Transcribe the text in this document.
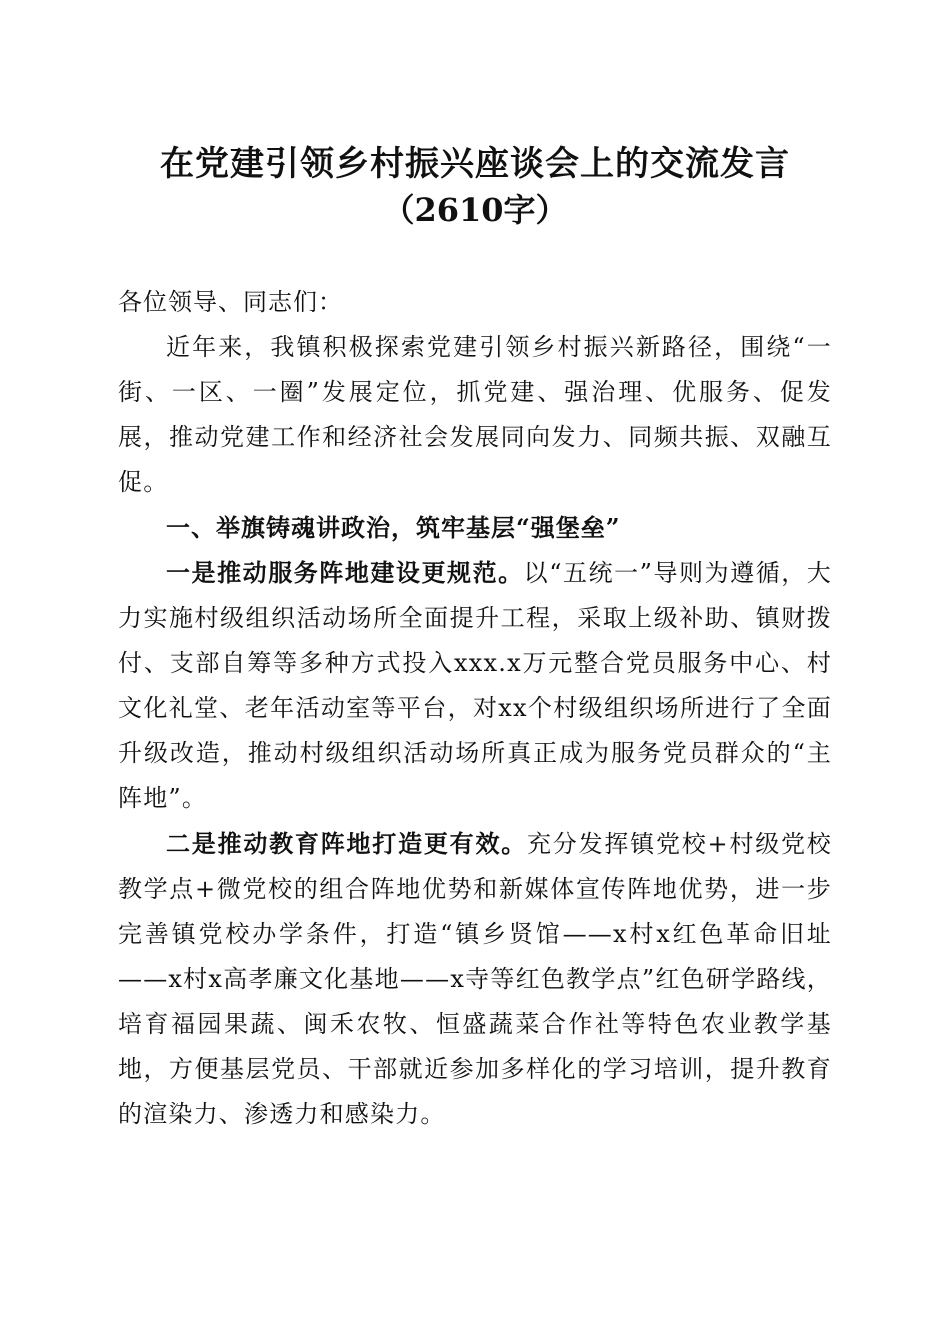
在党建引领乡村振兴座谈会上的交流发言
（2610字）

各位领导、同志们：

近年来，我镇积极探索党建引领乡村振兴新路径，围绕“一街、一区、一圈”发展定位，抓党建、强治理、优服务、促发展，推动党建工作和经济社会发展同向发力、同频共振、双融互促。

一、举旗铸魂讲政治，筑牢基层“强堡垒”

一是推动服务阵地建设更规范。以“五统一”导则为遵循，大力实施村级组织活动场所全面提升工程，采取上级补助、镇财拨付、支部自筹等多种方式投入xxx.x万元整合党员服务中心、村文化礼堂、老年活动室等平台，对xx个村级组织场所进行了全面升级改造，推动村级组织活动场所真正成为服务党员群众的“主阵地”。

二是推动教育阵地打造更有效。充分发挥镇党校+村级党校教学点+微党校的组合阵地优势和新媒体宣传阵地优势，进一步完善镇党校办学条件，打造“镇乡贤馆——x村x红色革命旧址——x村x高孝廉文化基地——x寺等红色教学点”红色研学路线，培育福园果蔬、闽禾农牧、恒盛蔬菜合作社等特色农业教学基地，方便基层党员、干部就近参加多样化的学习培训，提升教育的渲染力、渗透力和感染力。
